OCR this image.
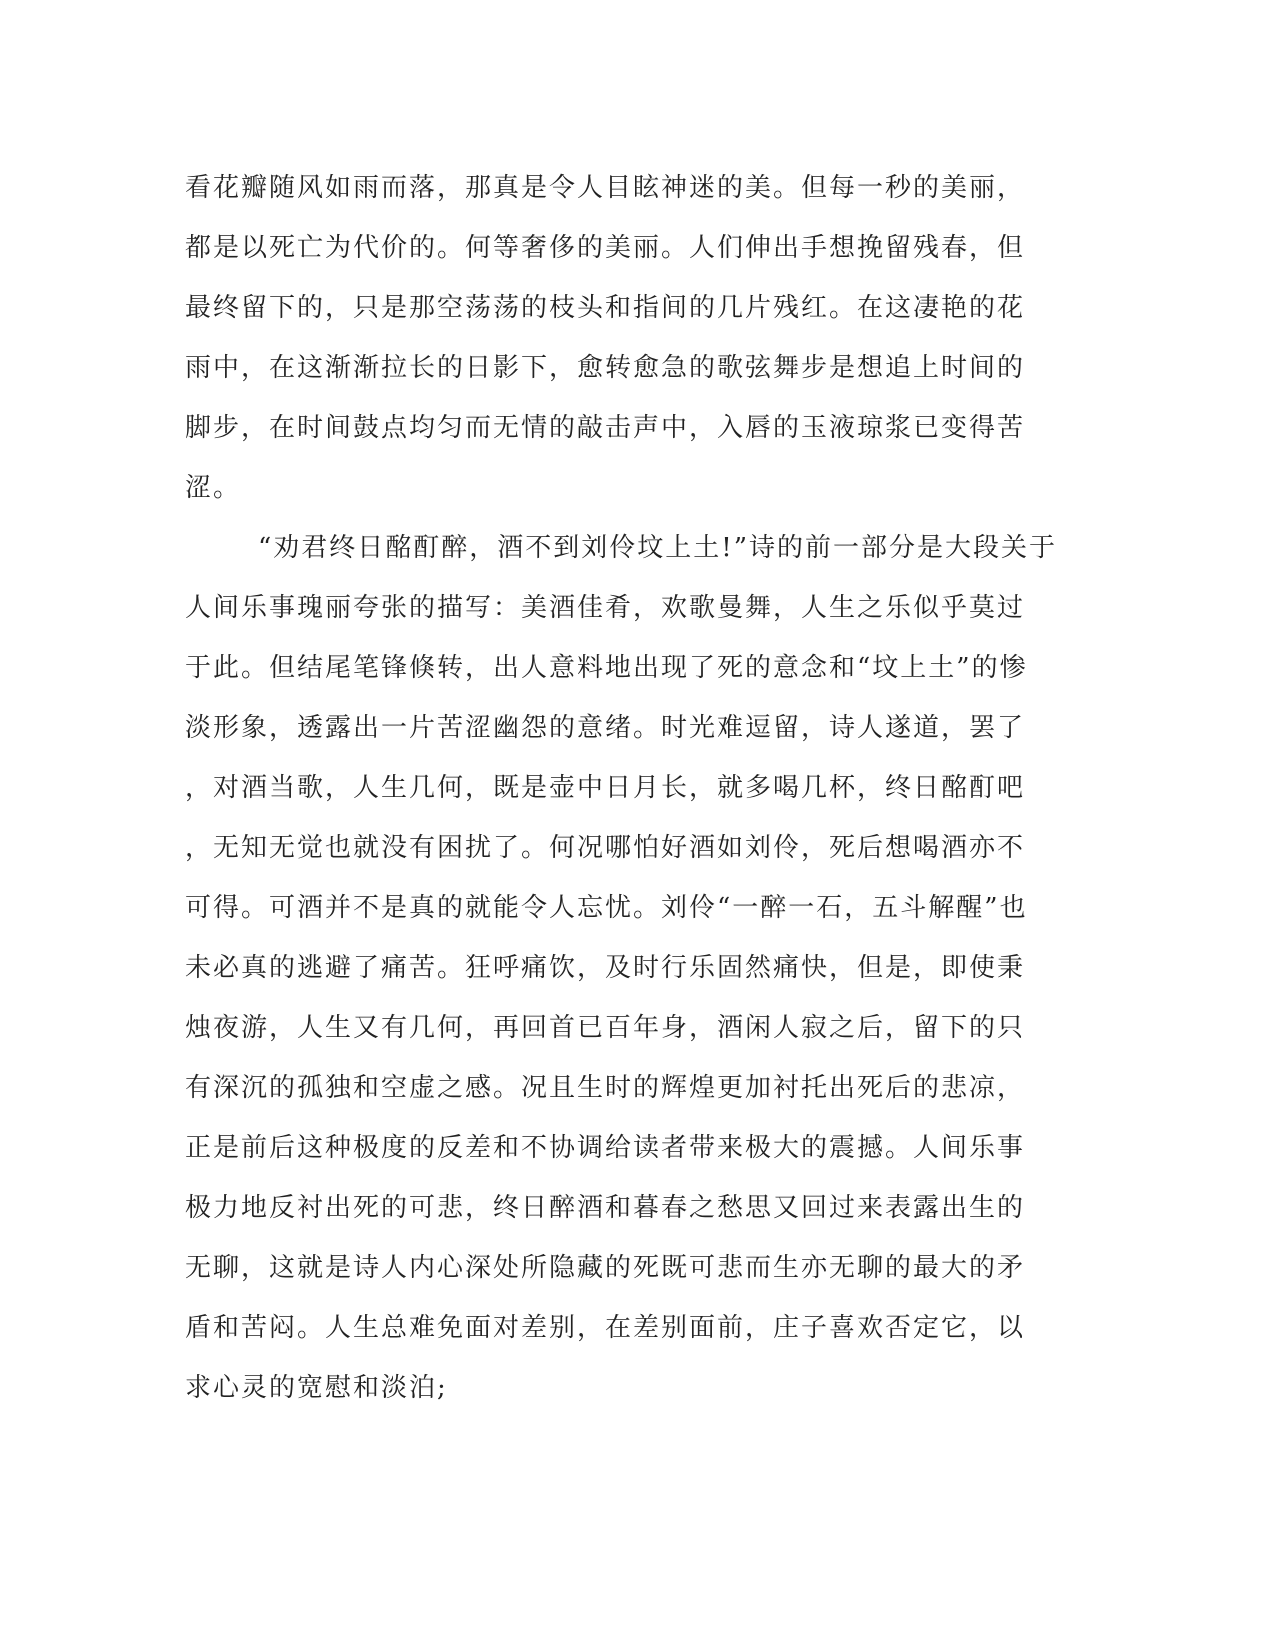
看花瓣随风如雨而落，那真是令人目眩神迷的美。但每一秒的美丽，
都是以死亡为代价的。何等奢侈的美丽。人们伸出手想挽留残春，但
最终留下的，只是那空荡荡的枝头和指间的几片残红。在这凄艳的花
雨中，在这渐渐拉长的日影下，愈转愈急的歌弦舞步是想追上时间的
脚步，在时间鼓点均匀而无情的敲击声中，入唇的玉液琼浆已变得苦
涩。
“劝君终日酩酊醉，酒不到刘伶坟上土!”诗的前一部分是大段关于
人间乐事瑰丽夸张的描写：美酒佳肴，欢歌曼舞，人生之乐似乎莫过
于此。但结尾笔锋倏转，出人意料地出现了死的意念和“坟上土”的惨
淡形象，透露出一片苦涩幽怨的意绪。时光难逗留，诗人遂道，罢了
，对酒当歌，人生几何，既是壶中日月长，就多喝几杯，终日酩酊吧
，无知无觉也就没有困扰了。何况哪怕好酒如刘伶，死后想喝酒亦不
可得。可酒并不是真的就能令人忘忧。刘伶“一醉一石，五斗解醒”也
未必真的逃避了痛苦。狂呼痛饮，及时行乐固然痛快，但是，即使秉
烛夜游，人生又有几何，再回首已百年身，酒闲人寂之后，留下的只
有深沉的孤独和空虚之感。况且生时的辉煌更加衬托出死后的悲凉，
正是前后这种极度的反差和不协调给读者带来极大的震撼。人间乐事
极力地反衬出死的可悲，终日醉酒和暮春之愁思又回过来表露出生的
无聊，这就是诗人内心深处所隐藏的死既可悲而生亦无聊的最大的矛
盾和苦闷。人生总难免面对差别，在差别面前，庄子喜欢否定它，以
求心灵的宽慰和淡泊;
